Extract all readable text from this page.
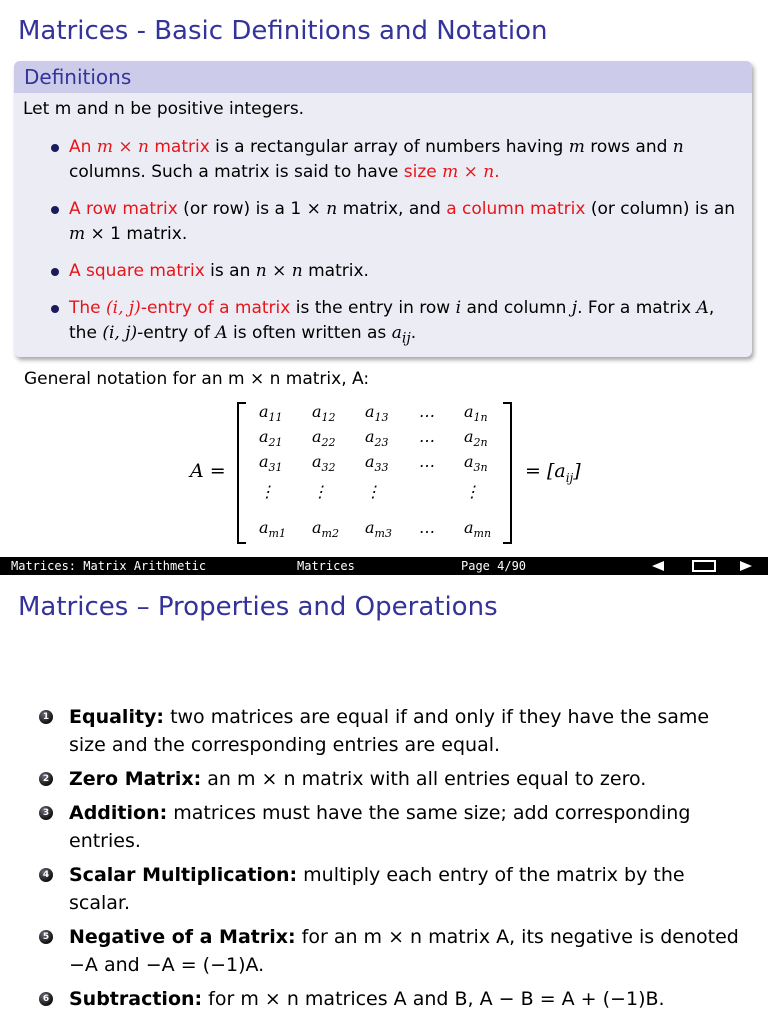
Matrices - Basic Definitions and Notation
Definitions

Let m and n be positive integers.

An m × n matrix is a rectangular array of numbers having m rows and n columns. Such a matrix is said to have size m × n.
A row matrix (or row) is a 1 × n matrix, and a column matrix (or column) is an m × 1 matrix.
A square matrix is an n × n matrix.
The (i, j)-entry of a matrix is the entry in row i and column j. For a matrix A, the (i, j)-entry of A is often written as $a_{ij}$.

General notation for an m × n matrix, A:

A =	= $[a_{ij}]$
$a_{11}$ $a_{12}$ $a_{13}$ … $a_{1n}$
$a_{21}$ $a_{22}$ $a_{23}$ … $a_{2n}$
$a_{31}$ $a_{32}$ $a_{33}$ … $a_{3n}$
⋮ ⋮ ⋮	⋮
$a_{m1}$ $a_{m2}$ $a_{m3}$ … $a_{mn}$
Matrices: Matrix Arithmetic	Matrices	Page 4/90
Matrices – Properties and Operations
1 Equality: two matrices are equal if and only if they have the same size and the corresponding entries are equal.
2 Zero Matrix: an m × n matrix with all entries equal to zero.
3 Addition: matrices must have the same size; add corresponding entries.
4 Scalar Multiplication: multiply each entry of the matrix by the scalar.
5 Negative of a Matrix: for an m × n matrix A, its negative is denoted −A and −A = (−1)A.
6 Subtraction: for m × n matrices A and B, A − B = A + (−1)B.
